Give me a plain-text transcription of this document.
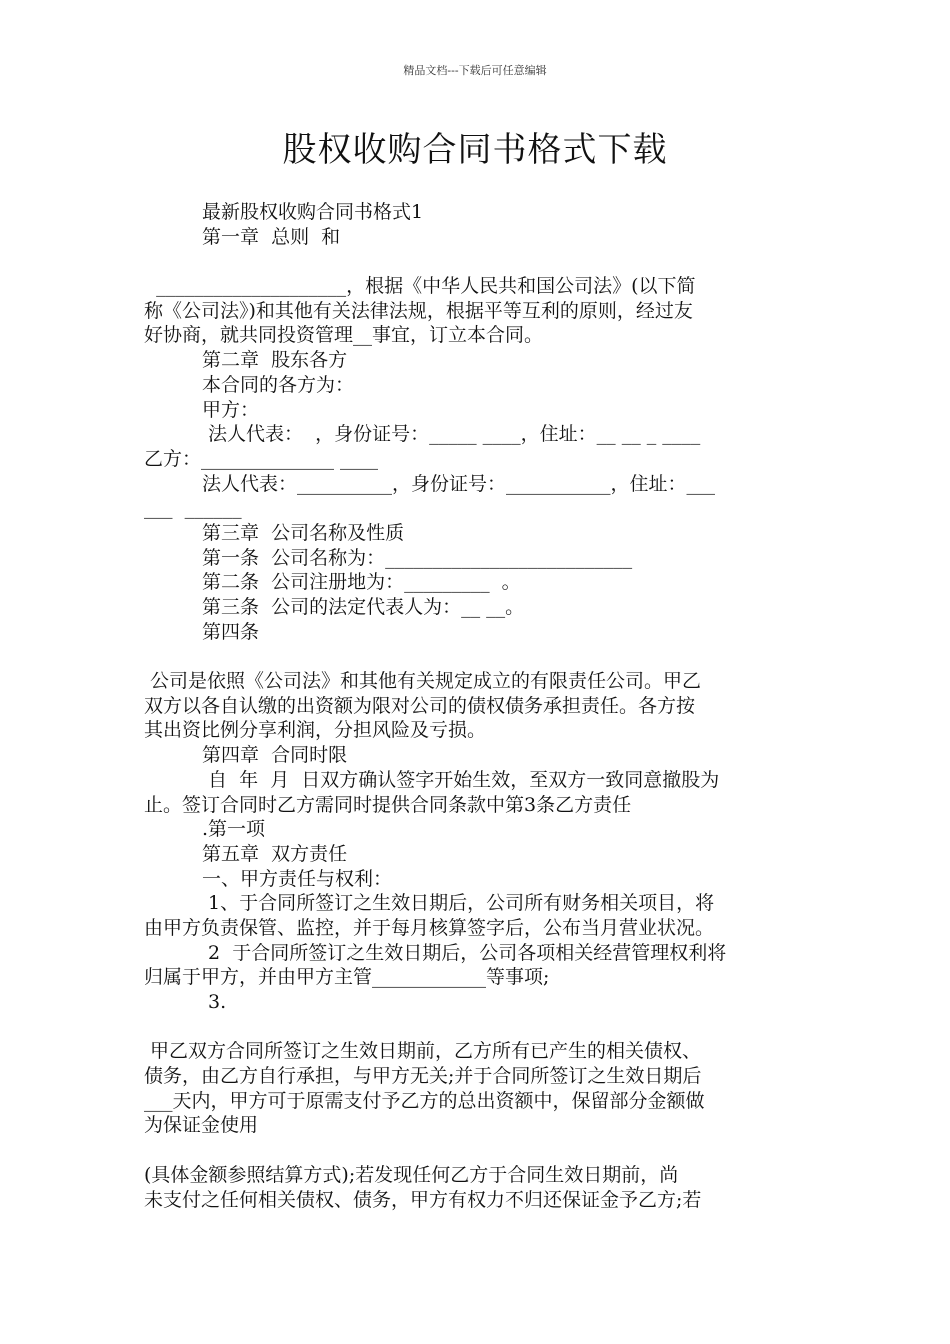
精品文档---下载后可任意编辑
股权收购合同书格式下载
最新股权收购合同书格式1
第一章  总则  和
____________________，根据《中华人民共和国公司法》(以下简
称《公司法》)和其他有关法律法规，根据平等互利的原则，经过友
好协商，就共同投资管理__事宜，订立本合同。
第二章  股东各方
本合同的各方为：
甲方：
法人代表：  ，身份证号：_____ ____，住址：__ __ _ ____
乙方：______________ ____
法人代表：__________，身份证号：___________，住址：___
___  ______
第三章  公司名称及性质
第一条  公司名称为：__________________________
第二条  公司注册地为：_________  。
第三条  公司的法定代表人为：__ __。
第四条
公司是依照《公司法》和其他有关规定成立的有限责任公司。甲乙
双方以各自认缴的出资额为限对公司的债权债务承担责任。各方按
其出资比例分享利润，分担风险及亏损。
第四章  合同时限
自  年  月  日双方确认签字开始生效，至双方一致同意撤股为
止。签订合同时乙方需同时提供合同条款中第3条乙方责任
.第一项
第五章  双方责任
一、甲方责任与权利：
1、于合同所签订之生效日期后，公司所有财务相关项目，将
由甲方负责保管、监控，并于每月核算签字后，公布当月营业状况。
2  于合同所签订之生效日期后，公司各项相关经营管理权利将
归属于甲方，并由甲方主管____________等事项;
3.
甲乙双方合同所签订之生效日期前，乙方所有已产生的相关债权、
债务，由乙方自行承担，与甲方无关;并于合同所签订之生效日期后
___天内，甲方可于原需支付予乙方的总出资额中，保留部分金额做
为保证金使用
(具体金额参照结算方式);若发现任何乙方于合同生效日期前，尚
未支付之任何相关债权、债务，甲方有权力不归还保证金予乙方;若
